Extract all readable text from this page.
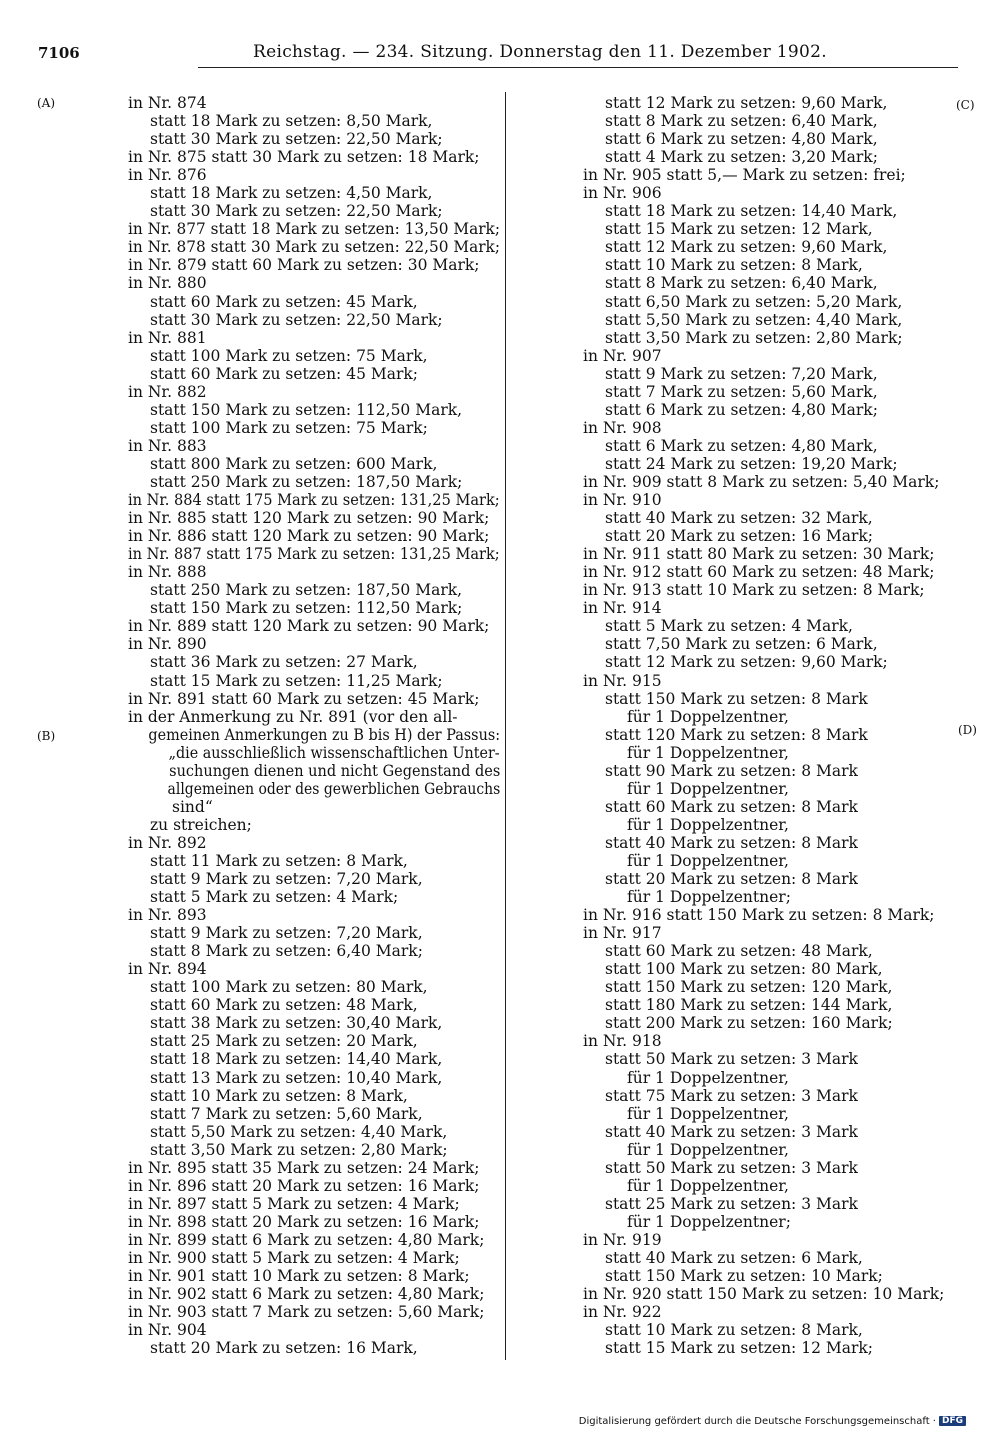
7106	Reichstag. — 234. Sitzung. Donnerstag den 11. Dezember 1902.
(A)
(B)
(C)
(D)
in Nr. 874
statt 18 Mark zu setzen: 8,50 Mark,
statt 30 Mark zu setzen: 22,50 Mark;
in Nr. 875 statt 30 Mark zu setzen: 18 Mark;
in Nr. 876
statt 18 Mark zu setzen: 4,50 Mark,
statt 30 Mark zu setzen: 22,50 Mark;
in Nr. 877 statt 18 Mark zu setzen: 13,50 Mark;
in Nr. 878 statt 30 Mark zu setzen: 22,50 Mark;
in Nr. 879 statt 60 Mark zu setzen: 30 Mark;
in Nr. 880
statt 60 Mark zu setzen: 45 Mark,
statt 30 Mark zu setzen: 22,50 Mark;
in Nr. 881
statt 100 Mark zu setzen: 75 Mark,
statt 60 Mark zu setzen: 45 Mark;
in Nr. 882
statt 150 Mark zu setzen: 112,50 Mark,
statt 100 Mark zu setzen: 75 Mark;
in Nr. 883
statt 800 Mark zu setzen: 600 Mark,
statt 250 Mark zu setzen: 187,50 Mark;
in Nr. 884 statt 175 Mark zu setzen: 131,25 Mark;
in Nr. 885 statt 120 Mark zu setzen: 90 Mark;
in Nr. 886 statt 120 Mark zu setzen: 90 Mark;
in Nr. 887 statt 175 Mark zu setzen: 131,25 Mark;
in Nr. 888
statt 250 Mark zu setzen: 187,50 Mark,
statt 150 Mark zu setzen: 112,50 Mark;
in Nr. 889 statt 120 Mark zu setzen: 90 Mark;
in Nr. 890
statt 36 Mark zu setzen: 27 Mark,
statt 15 Mark zu setzen: 11,25 Mark;
in Nr. 891 statt 60 Mark zu setzen: 45 Mark;
in der Anmerkung zu Nr. 891 (vor den all-
gemeinen Anmerkungen zu B bis H) der Passus:
„die ausschließlich wissenschaftlichen Unter-
suchungen dienen und nicht Gegenstand des
allgemeinen oder des gewerblichen Gebrauchs
sind“
zu streichen;
in Nr. 892
statt 11 Mark zu setzen: 8 Mark,
statt 9 Mark zu setzen: 7,20 Mark,
statt 5 Mark zu setzen: 4 Mark;
in Nr. 893
statt 9 Mark zu setzen: 7,20 Mark,
statt 8 Mark zu setzen: 6,40 Mark;
in Nr. 894
statt 100 Mark zu setzen: 80 Mark,
statt 60 Mark zu setzen: 48 Mark,
statt 38 Mark zu setzen: 30,40 Mark,
statt 25 Mark zu setzen: 20 Mark,
statt 18 Mark zu setzen: 14,40 Mark,
statt 13 Mark zu setzen: 10,40 Mark,
statt 10 Mark zu setzen: 8 Mark,
statt 7 Mark zu setzen: 5,60 Mark,
statt 5,50 Mark zu setzen: 4,40 Mark,
statt 3,50 Mark zu setzen: 2,80 Mark;
in Nr. 895 statt 35 Mark zu setzen: 24 Mark;
in Nr. 896 statt 20 Mark zu setzen: 16 Mark;
in Nr. 897 statt 5 Mark zu setzen: 4 Mark;
in Nr. 898 statt 20 Mark zu setzen: 16 Mark;
in Nr. 899 statt 6 Mark zu setzen: 4,80 Mark;
in Nr. 900 statt 5 Mark zu setzen: 4 Mark;
in Nr. 901 statt 10 Mark zu setzen: 8 Mark;
in Nr. 902 statt 6 Mark zu setzen: 4,80 Mark;
in Nr. 903 statt 7 Mark zu setzen: 5,60 Mark;
in Nr. 904
statt 20 Mark zu setzen: 16 Mark,
statt 12 Mark zu setzen: 9,60 Mark,
statt 8 Mark zu setzen: 6,40 Mark,
statt 6 Mark zu setzen: 4,80 Mark,
statt 4 Mark zu setzen: 3,20 Mark;
in Nr. 905 statt 5,— Mark zu setzen: frei;
in Nr. 906
statt 18 Mark zu setzen: 14,40 Mark,
statt 15 Mark zu setzen: 12 Mark,
statt 12 Mark zu setzen: 9,60 Mark,
statt 10 Mark zu setzen: 8 Mark,
statt 8 Mark zu setzen: 6,40 Mark,
statt 6,50 Mark zu setzen: 5,20 Mark,
statt 5,50 Mark zu setzen: 4,40 Mark,
statt 3,50 Mark zu setzen: 2,80 Mark;
in Nr. 907
statt 9 Mark zu setzen: 7,20 Mark,
statt 7 Mark zu setzen: 5,60 Mark,
statt 6 Mark zu setzen: 4,80 Mark;
in Nr. 908
statt 6 Mark zu setzen: 4,80 Mark,
statt 24 Mark zu setzen: 19,20 Mark;
in Nr. 909 statt 8 Mark zu setzen: 5,40 Mark;
in Nr. 910
statt 40 Mark zu setzen: 32 Mark,
statt 20 Mark zu setzen: 16 Mark;
in Nr. 911 statt 80 Mark zu setzen: 30 Mark;
in Nr. 912 statt 60 Mark zu setzen: 48 Mark;
in Nr. 913 statt 10 Mark zu setzen: 8 Mark;
in Nr. 914
statt 5 Mark zu setzen: 4 Mark,
statt 7,50 Mark zu setzen: 6 Mark,
statt 12 Mark zu setzen: 9,60 Mark;
in Nr. 915
statt 150 Mark zu setzen: 8 Mark
für 1 Doppelzentner,
statt 120 Mark zu setzen: 8 Mark
für 1 Doppelzentner,
statt 90 Mark zu setzen: 8 Mark
für 1 Doppelzentner,
statt 60 Mark zu setzen: 8 Mark
für 1 Doppelzentner,
statt 40 Mark zu setzen: 8 Mark
für 1 Doppelzentner,
statt 20 Mark zu setzen: 8 Mark
für 1 Doppelzentner;
in Nr. 916 statt 150 Mark zu setzen: 8 Mark;
in Nr. 917
statt 60 Mark zu setzen: 48 Mark,
statt 100 Mark zu setzen: 80 Mark,
statt 150 Mark zu setzen: 120 Mark,
statt 180 Mark zu setzen: 144 Mark,
statt 200 Mark zu setzen: 160 Mark;
in Nr. 918
statt 50 Mark zu setzen: 3 Mark
für 1 Doppelzentner,
statt 75 Mark zu setzen: 3 Mark
für 1 Doppelzentner,
statt 40 Mark zu setzen: 3 Mark
für 1 Doppelzentner,
statt 50 Mark zu setzen: 3 Mark
für 1 Doppelzentner,
statt 25 Mark zu setzen: 3 Mark
für 1 Doppelzentner;
in Nr. 919
statt 40 Mark zu setzen: 6 Mark,
statt 150 Mark zu setzen: 10 Mark;
in Nr. 920 statt 150 Mark zu setzen: 10 Mark;
in Nr. 922
statt 10 Mark zu setzen: 8 Mark,
statt 15 Mark zu setzen: 12 Mark;
Digitalisierung gefördert durch die Deutsche Forschungsgemeinschaft · DFG
